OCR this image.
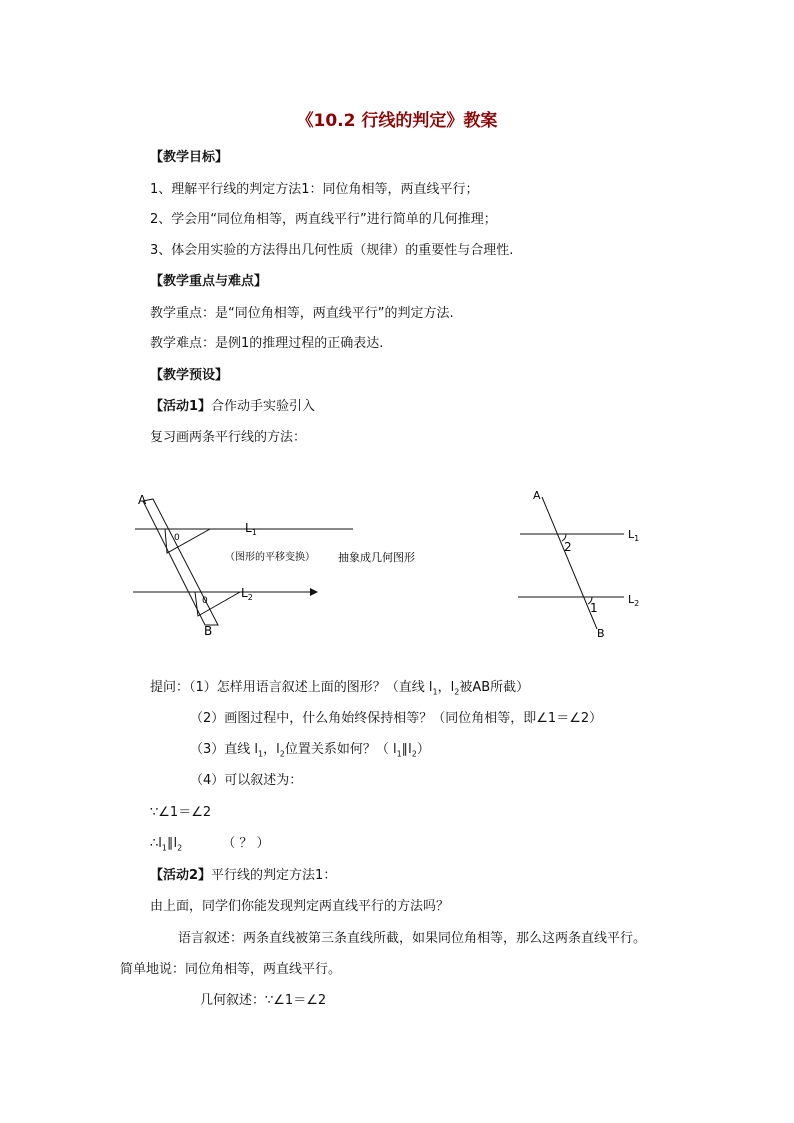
《10.2 行线的判定》教案
【教学目标】
1、理解平行线的判定方法1：同位角相等，两直线平行；
2、学会用“同位角相等，两直线平行”进行简单的几何推理；
3、体会用实验的方法得出几何性质（规律）的重要性与合理性.
【教学重点与难点】
教学重点：是“同位角相等，两直线平行”的判定方法.
教学难点：是例1的推理过程的正确表达.
【教学预设】
【活动1】合作动手实验引入
复习画两条平行线的方法：
A
B
$L_1$
$L_2$
0
0
（图形的平移变换） 抽象成几何图形
A
B
$L_1$
$L_2$
2
1
提问：（1）怎样用语言叙述上面的图形？（直线 $l_1$，$l_2$被AB所截）
（2）画图过程中，什么角始终保持相等？（同位角相等，即∠1＝∠2）
（3）直线 $l_1$，$l_2$位置关系如何？（ $l_1\parallel l_2$）
（4）可以叙述为：
∵∠1＝∠2
$\therefore l_1\parallel l_2$	（ ？ ）
【活动2】平行线的判定方法1：
由上面，同学们你能发现判定两直线平行的方法吗？
语言叙述：两条直线被第三条直线所截，如果同位角相等，那么这两条直线平行。
简单地说：同位角相等，两直线平行。
几何叙述：∵∠1＝∠2
